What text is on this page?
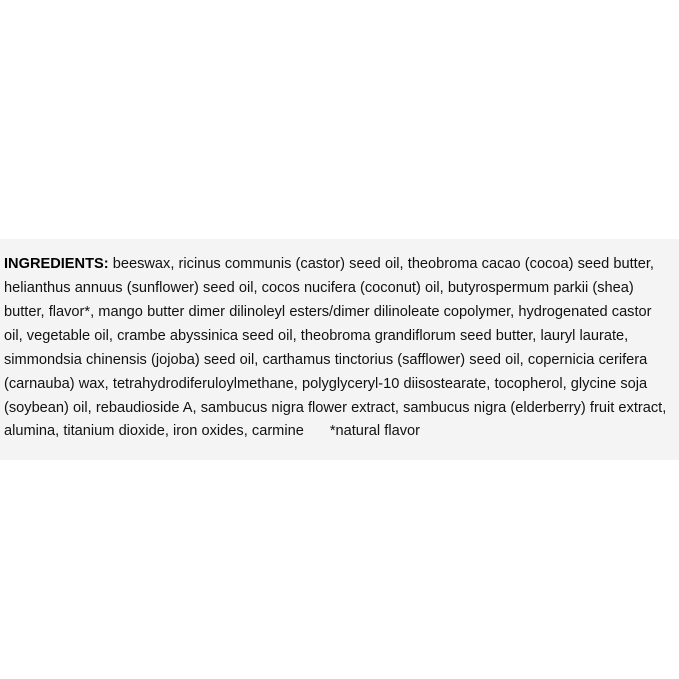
INGREDIENTS: beeswax, ricinus communis (castor) seed oil, theobroma cacao (cocoa) seed butter, helianthus annuus (sunflower) seed oil, cocos nucifera (coconut) oil, butyrospermum parkii (shea) butter, flavor*, mango butter dimer dilinoleyl esters/dimer dilinoleate copolymer, hydrogenated castor oil, vegetable oil, crambe abyssinica seed oil, theobroma grandiflorum seed butter, lauryl laurate, simmondsia chinensis (jojoba) seed oil, carthamus tinctorius (safflower) seed oil, copernicia cerifera (carnauba) wax, tetrahydrodiferuloylmethane, polyglyceryl-10 diisostearate, tocopherol, glycine soja (soybean) oil, rebaudioside A, sambucus nigra flower extract, sambucus nigra (elderberry) fruit extract, alumina, titanium dioxide, iron oxides, carmine *natural flavor
